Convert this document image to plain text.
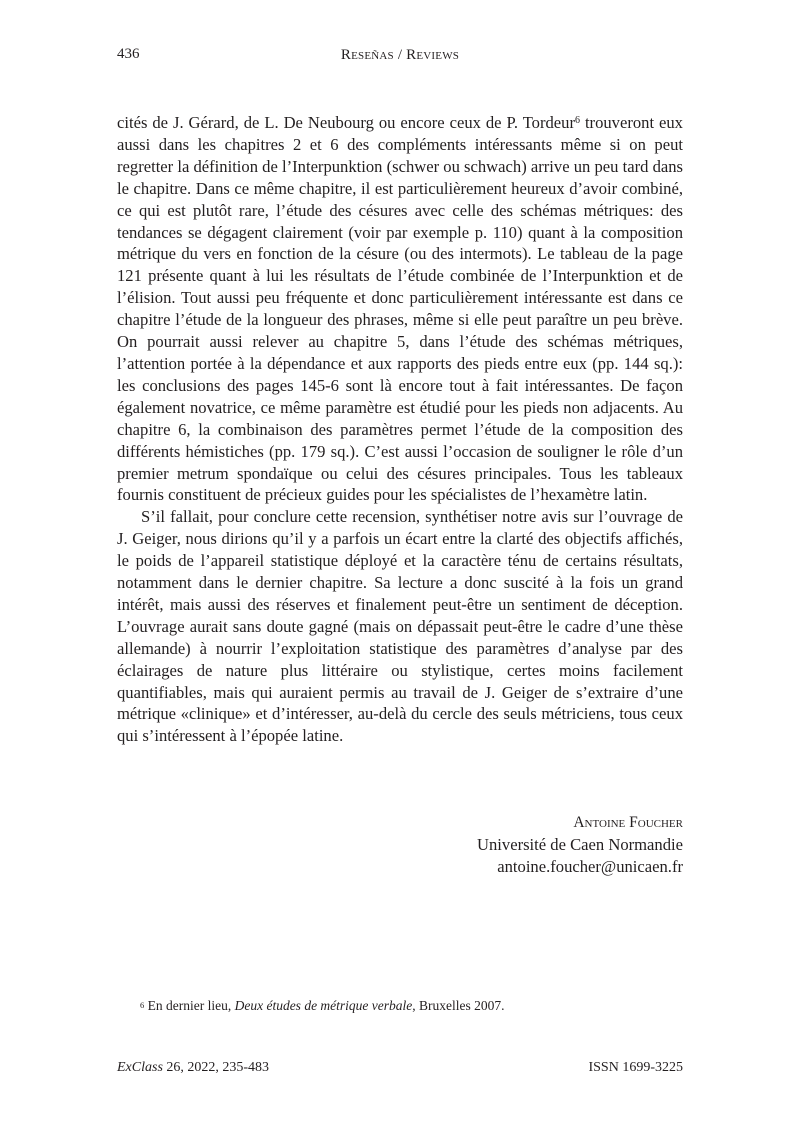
436	Reseñas / Reviews

cités de J. Gérard, de L. De Neubourg ou encore ceux de P. Tordeur$^6$ trouveront eux aussi dans les chapitres 2 et 6 des compléments intéressants même si on peut regretter la définition de l’Interpunktion (schwer ou schwach) arrive un peu tard dans le chapitre. Dans ce même chapitre, il est particulièrement heureux d’avoir combiné, ce qui est plutôt rare, l’étude des césures avec celle des schémas métriques: des tendances se dégagent clairement (voir par exemple p. 110) quant à la composition métrique du vers en fonction de la césure (ou des intermots). Le tableau de la page 121 présente quant à lui les résultats de l’étude combinée de l’Interpunktion et de l’élision. Tout aussi peu fréquente et donc particulièrement intéressante est dans ce chapitre l’étude de la longueur des phrases, même si elle peut paraître un peu brève. On pourrait aussi relever au chapitre 5, dans l’étude des schémas métriques, l’attention portée à la dépendance et aux rapports des pieds entre eux (pp. 144 sq.): les conclusions des pages 145-6 sont là encore tout à fait intéressantes. De façon également novatrice, ce même paramètre est étudié pour les pieds non adjacents. Au chapitre 6, la combinaison des paramètres permet l’étude de la composition des différents hémistiches (pp. 179 sq.). C’est aussi l’occasion de souligner le rôle d’un premier metrum spondaïque ou celui des césures principales. Tous les tableaux fournis constituent de précieux guides pour les spécialistes de l’hexamètre latin.

S’il fallait, pour conclure cette recension, synthétiser notre avis sur l’ouvrage de J. Geiger, nous dirions qu’il y a parfois un écart entre la clarté des objectifs affichés, le poids de l’appareil statistique déployé et la caractère ténu de certains résultats, notamment dans le dernier chapitre. Sa lecture a donc suscité à la fois un grand intérêt, mais aussi des réserves et finalement peut-être un sentiment de déception. L’ouvrage aurait sans doute gagné (mais on dépassait peut-être le cadre d’une thèse allemande) à nourrir l’exploitation statistique des paramètres d’analyse par des éclairages de nature plus littéraire ou stylistique, certes moins facilement quantifiables, mais qui auraient permis au travail de J. Geiger de s’extraire d’une métrique «clinique» et d’intéresser, au-delà du cercle des seuls métriciens, tous ceux qui s’intéressent à l’épopée latine.

Antoine Foucher
Université de Caen Normandie
antoine.foucher@unicaen.fr
$^6$ En dernier lieu, Deux études de métrique verbale, Bruxelles 2007.
ExClass 26, 2022, 235-483	ISSN 1699-3225
